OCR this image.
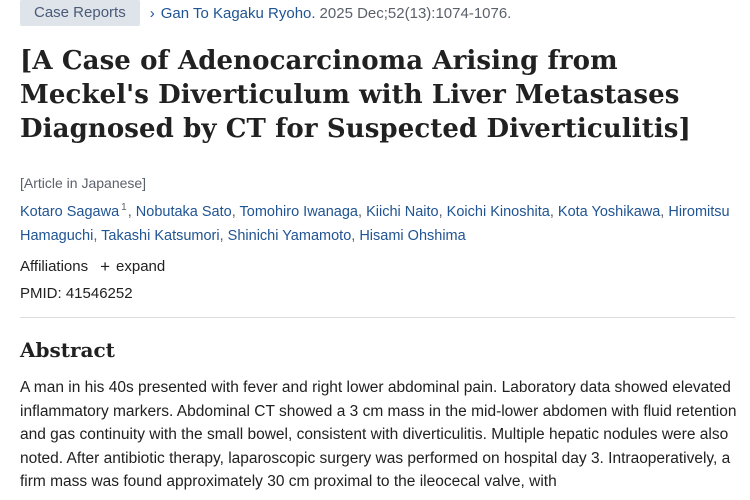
Case Reports	› Gan To Kagaku Ryoho. 2025 Dec;52(13):1074-1076.
[A Case of Adenocarcinoma Arising from Meckel's Diverticulum with Liver Metastases Diagnosed by CT for Suspected Diverticulitis]
[Article in Japanese]
Kotaro Sagawa $^1$, Nobutaka Sato, Tomohiro Iwanaga, Kiichi Naito, Koichi Kinoshita, Kota Yoshikawa, Hiromitsu Hamaguchi, Takashi Katsumori, Shinichi Yamamoto, Hisami Ohshima
Affiliations + expand
PMID: 41546252
Abstract

A man in his 40s presented with fever and right lower abdominal pain. Laboratory data showed elevated inflammatory markers. Abdominal CT showed a 3 cm mass in the mid-lower abdomen with fluid retention and gas continuity with the small bowel, consistent with diverticulitis. Multiple hepatic nodules were also noted. After antibiotic therapy, laparoscopic surgery was performed on hospital day 3. Intraoperatively, a firm mass was found approximately 30 cm proximal to the ileocecal valve, with
